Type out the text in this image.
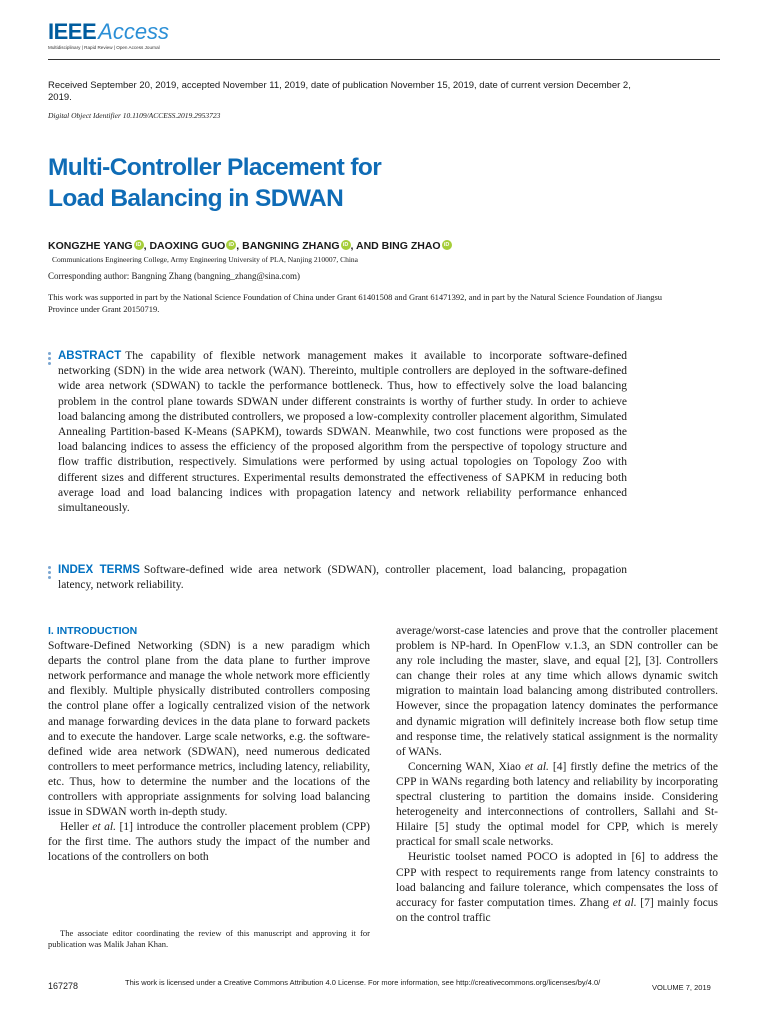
IEEEAccess
Multidisciplinary | Rapid Review | Open Access Journal
Received September 20, 2019, accepted November 11, 2019, date of publication November 15, 2019, date of current version December 2, 2019.
Digital Object Identifier 10.1109/ACCESS.2019.2953723
Multi-Controller Placement for
Load Balancing in SDWAN
KONGZHE YANG iD , DAOXING GUO iD , BANGNING ZHANG iD , AND BING ZHAO iD
Communications Engineering College, Army Engineering University of PLA, Nanjing 210007, China
Corresponding author: Bangning Zhang (bangning_zhang@sina.com)
This work was supported in part by the National Science Foundation of China under Grant 61401508 and Grant 61471392, and in part by the Natural Science Foundation of Jiangsu Province under Grant 20150719.
ABSTRACT The capability of flexible network management makes it available to incorporate software-defined networking (SDN) in the wide area network (WAN). Thereinto, multiple controllers are deployed in the software-defined wide area network (SDWAN) to tackle the performance bottleneck. Thus, how to effectively solve the load balancing problem in the control plane towards SDWAN under different constraints is worthy of further study. In order to achieve load balancing among the distributed controllers, we proposed a low-complexity controller placement algorithm, Simulated Annealing Partition-based K-Means (SAPKM), towards SDWAN. Meanwhile, two cost functions were proposed as the load balancing indices to assess the efficiency of the proposed algorithm from the perspective of topology structure and flow traffic distribution, respectively. Simulations were performed by using actual topologies on Topology Zoo with different sizes and different structures. Experimental results demonstrated the effectiveness of SAPKM in reducing both average load and load balancing indices with propagation latency and network reliability performance enhanced simultaneously.
INDEX TERMS Software-defined wide area network (SDWAN), controller placement, load balancing, propagation latency, network reliability.
I. INTRODUCTION

Software-Defined Networking (SDN) is a new paradigm which departs the control plane from the data plane to further improve network performance and manage the whole network more efficiently and flexibly. Multiple physically distributed controllers composing the control plane offer a logically centralized vision of the network and manage forwarding devices in the data plane to forward packets and to execute the handover. Large scale networks, e.g. the software-defined wide area network (SDWAN), need numerous dedicated controllers to meet performance metrics, including latency, reliability, etc. Thus, how to determine the number and the locations of the controllers with appropriate assignments for solving load balancing issue in SDWAN worth in-depth study.

Heller et al. [1] introduce the controller placement problem (CPP) for the first time. The authors study the impact of the number and locations of the controllers on both

The associate editor coordinating the review of this manuscript and approving it for publication was Malik Jahan Khan.

average/worst-case latencies and prove that the controller placement problem is NP-hard. In OpenFlow v.1.3, an SDN controller can be any role including the master, slave, and equal [2], [3]. Controllers can change their roles at any time which allows dynamic switch migration to maintain load balancing among distributed controllers. However, since the propagation latency dominates the performance and dynamic migration will definitely increase both flow setup time and response time, the relatively statical assignment is the normality of WANs.

Concerning WAN, Xiao et al. [4] firstly define the metrics of the CPP in WANs regarding both latency and reliability by incorporating spectral clustering to partition the domains inside. Considering heterogeneity and interconnections of controllers, Sallahi and St-Hilaire [5] study the optimal model for CPP, which is merely practical for small scale networks.

Heuristic toolset named POCO is adopted in [6] to address the CPP with respect to requirements range from latency constraints to load balancing and failure tolerance, which compensates the loss of accuracy for faster computation times. Zhang et al. [7] mainly focus on the control traffic

167278	This work is licensed under a Creative Commons Attribution 4.0 License. For more information, see http://creativecommons.org/licenses/by/4.0/
VOLUME 7, 2019
